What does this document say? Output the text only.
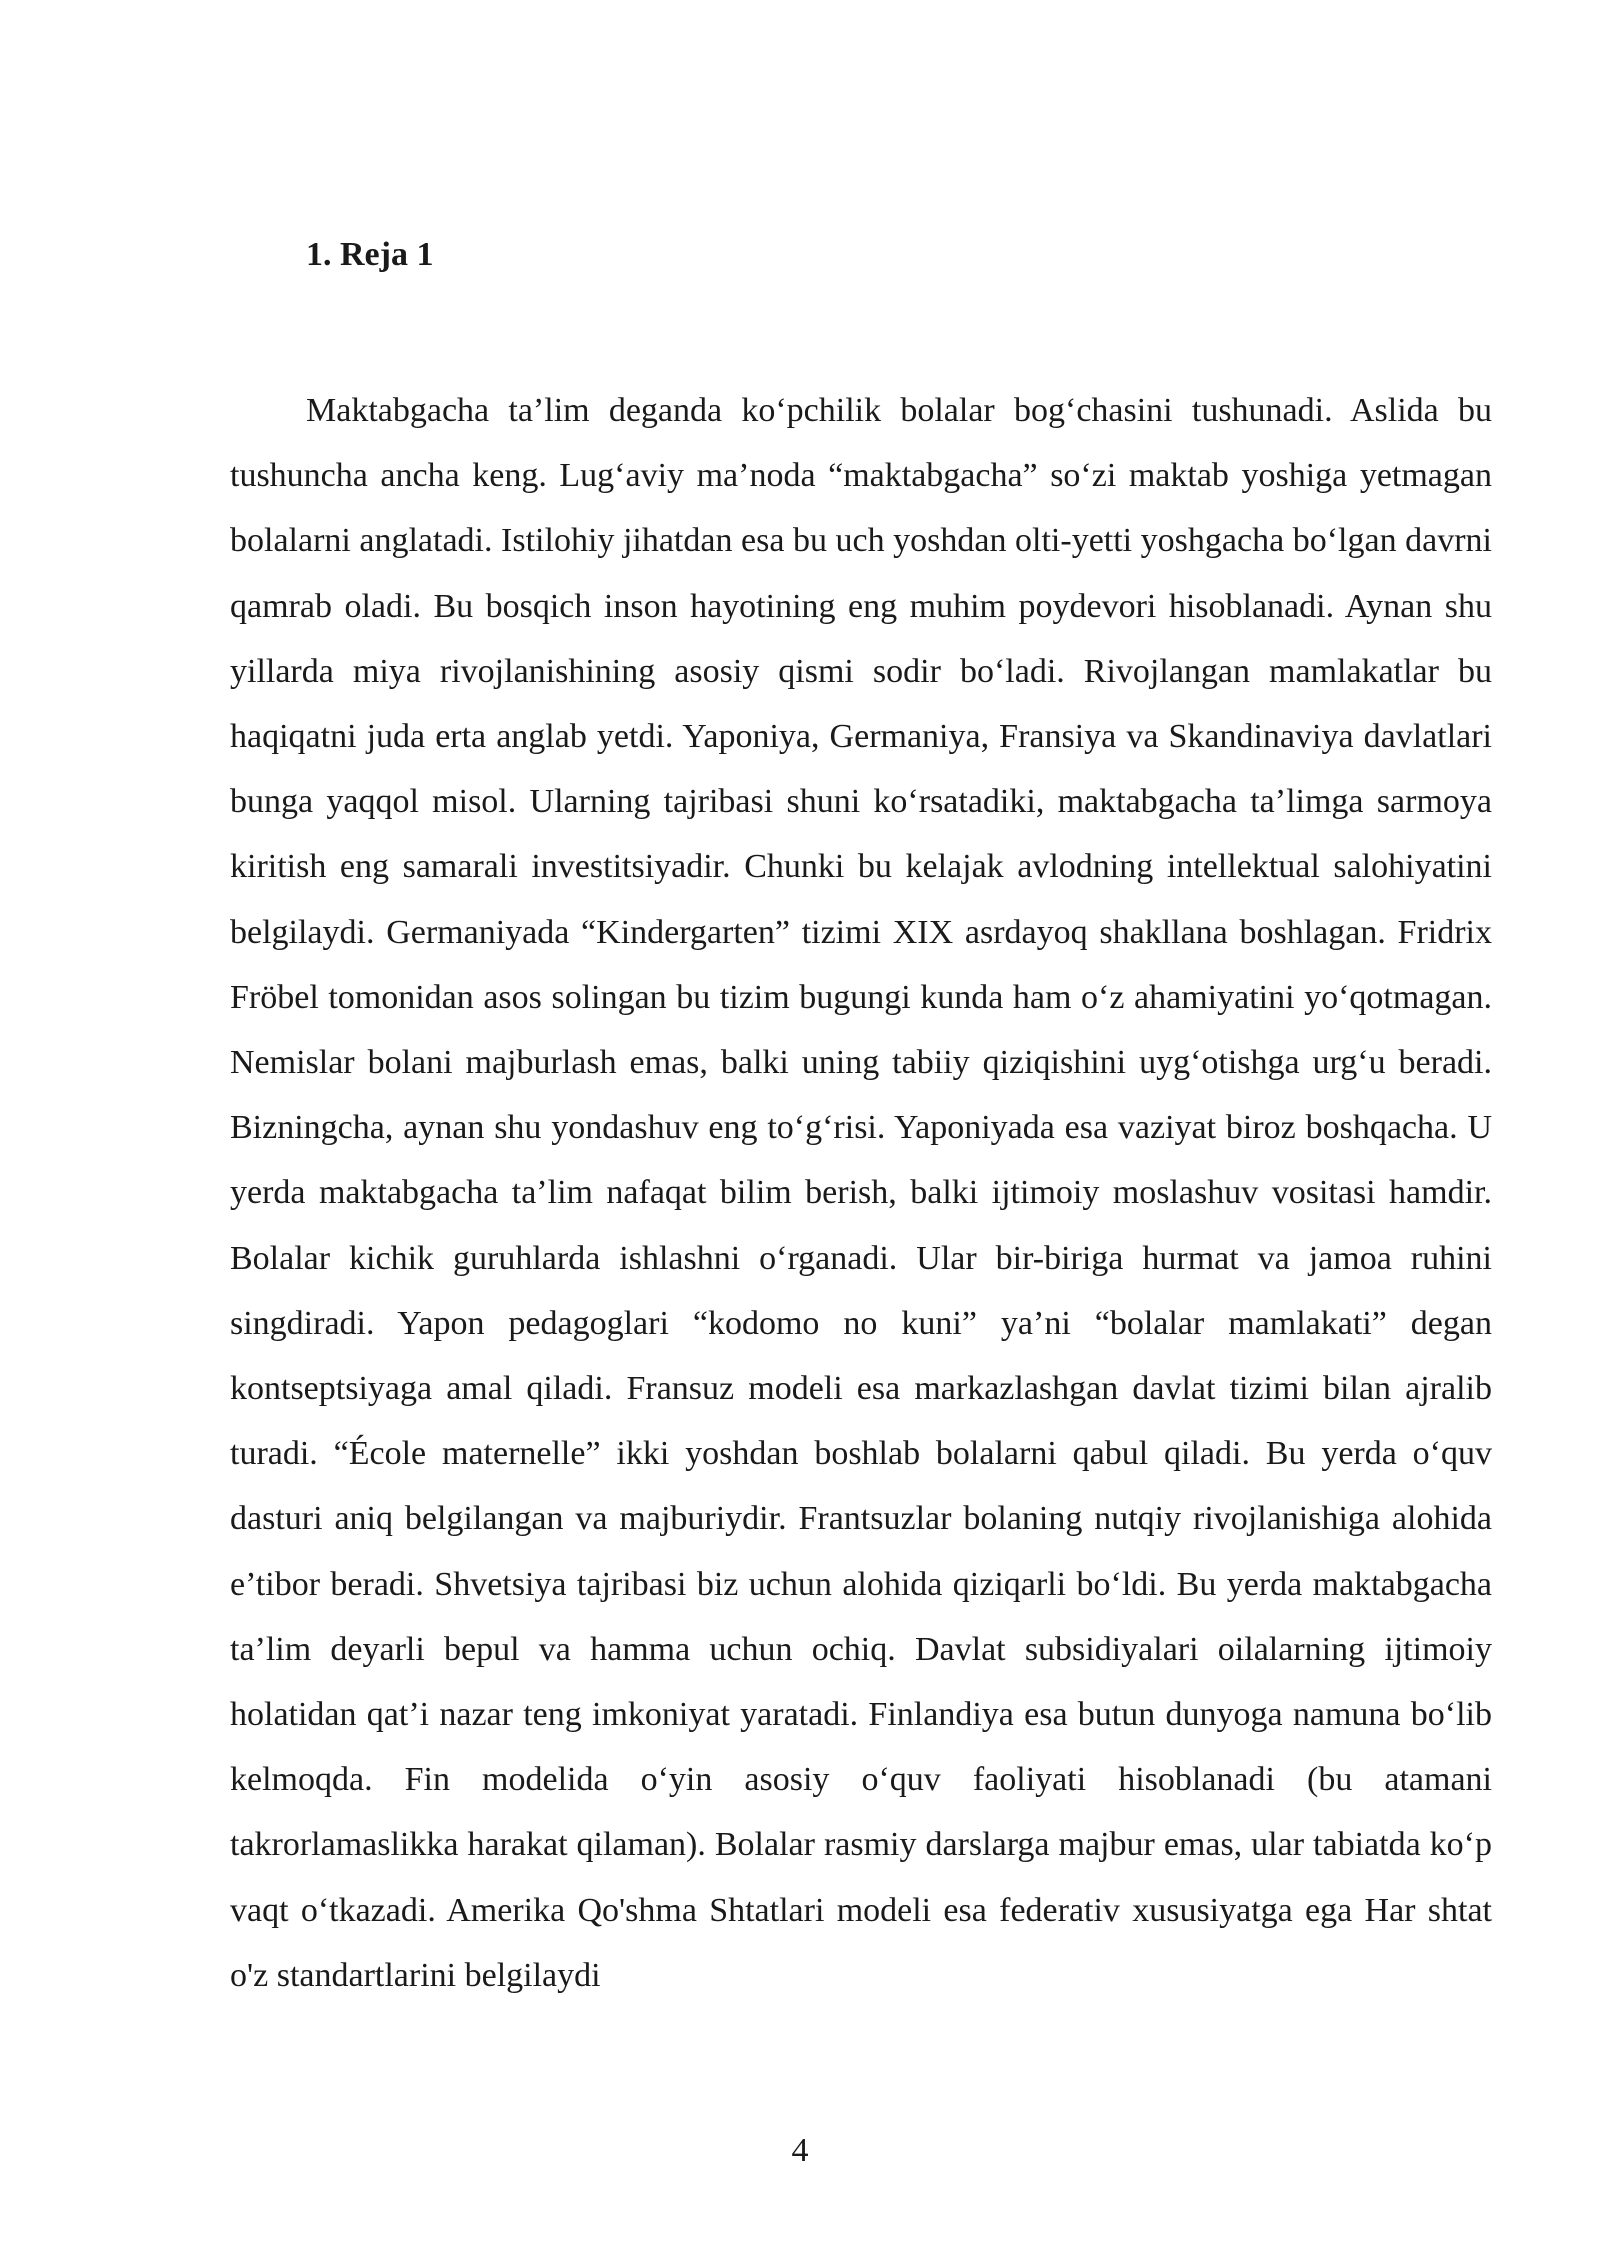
1. Reja 1

Maktabgacha ta’lim deganda ko‘pchilik bolalar bog‘chasini tushunadi. Aslida bu tushuncha ancha keng. Lug‘aviy ma’noda “maktabgacha” so‘zi maktab yoshiga yetmagan bolalarni anglatadi. Istilohiy jihatdan esa bu uch yoshdan olti-yetti yoshgacha bo‘lgan davrni qamrab oladi. Bu bosqich inson hayotining eng muhim poydevori hisoblanadi. Aynan shu yillarda miya rivojlanishining asosiy qismi sodir bo‘ladi. Rivojlangan mamlakatlar bu haqiqatni juda erta anglab yetdi. Yaponiya, Germaniya, Fransiya va Skandinaviya davlatlari bunga yaqqol misol. Ularning tajribasi shuni ko‘rsatadiki, maktabgacha ta’limga sarmoya kiritish eng samarali investitsiyadir. Chunki bu kelajak avlodning intellektual salohiyatini belgilaydi. Germaniyada “Kindergarten” tizimi XIX asrdayoq shakllana boshlagan. Fridrix Fröbel tomonidan asos solingan bu tizim bugungi kunda ham o‘z ahamiyatini yo‘qotmagan. Nemislar bolani majburlash emas, balki uning tabiiy qiziqishini uyg‘otishga urg‘u beradi. Bizningcha, aynan shu yondashuv eng to‘g‘risi. Yaponiyada esa vaziyat biroz boshqacha. U yerda maktabgacha ta’lim nafaqat bilim berish, balki ijtimoiy moslashuv vositasi hamdir. Bolalar kichik guruhlarda ishlashni o‘rganadi. Ular bir-biriga hurmat va jamoa ruhini singdiradi. Yapon pedagoglari “kodomo no kuni” ya’ni “bolalar mamlakati” degan kontseptsiyaga amal qiladi. Fransuz modeli esa markazlashgan davlat tizimi bilan ajralib turadi. “École maternelle” ikki yoshdan boshlab bolalarni qabul qiladi. Bu yerda o‘quv dasturi aniq belgilangan va majburiydir. Frantsuzlar bolaning nutqiy rivojlanishiga alohida e’tibor beradi. Shvetsiya tajribasi biz uchun alohida qiziqarli bo‘ldi. Bu yerda maktabgacha ta’lim deyarli bepul va hamma uchun ochiq. Davlat subsidiyalari oilalarning ijtimoiy holatidan qat’i nazar teng imkoniyat yaratadi. Finlandiya esa butun dunyoga namuna bo‘lib kelmoqda. Fin modelida o‘yin asosiy o‘quv faoliyati hisoblanadi (bu atamani takrorlamaslikka harakat qilaman). Bolalar rasmiy darslarga majbur emas, ular tabiatda ko‘p vaqt o‘tkazadi. Amerika Qo'shma Shtatlari modeli esa federativ xususiyatga ega Har shtat o'z standartlarini belgilaydi

4
